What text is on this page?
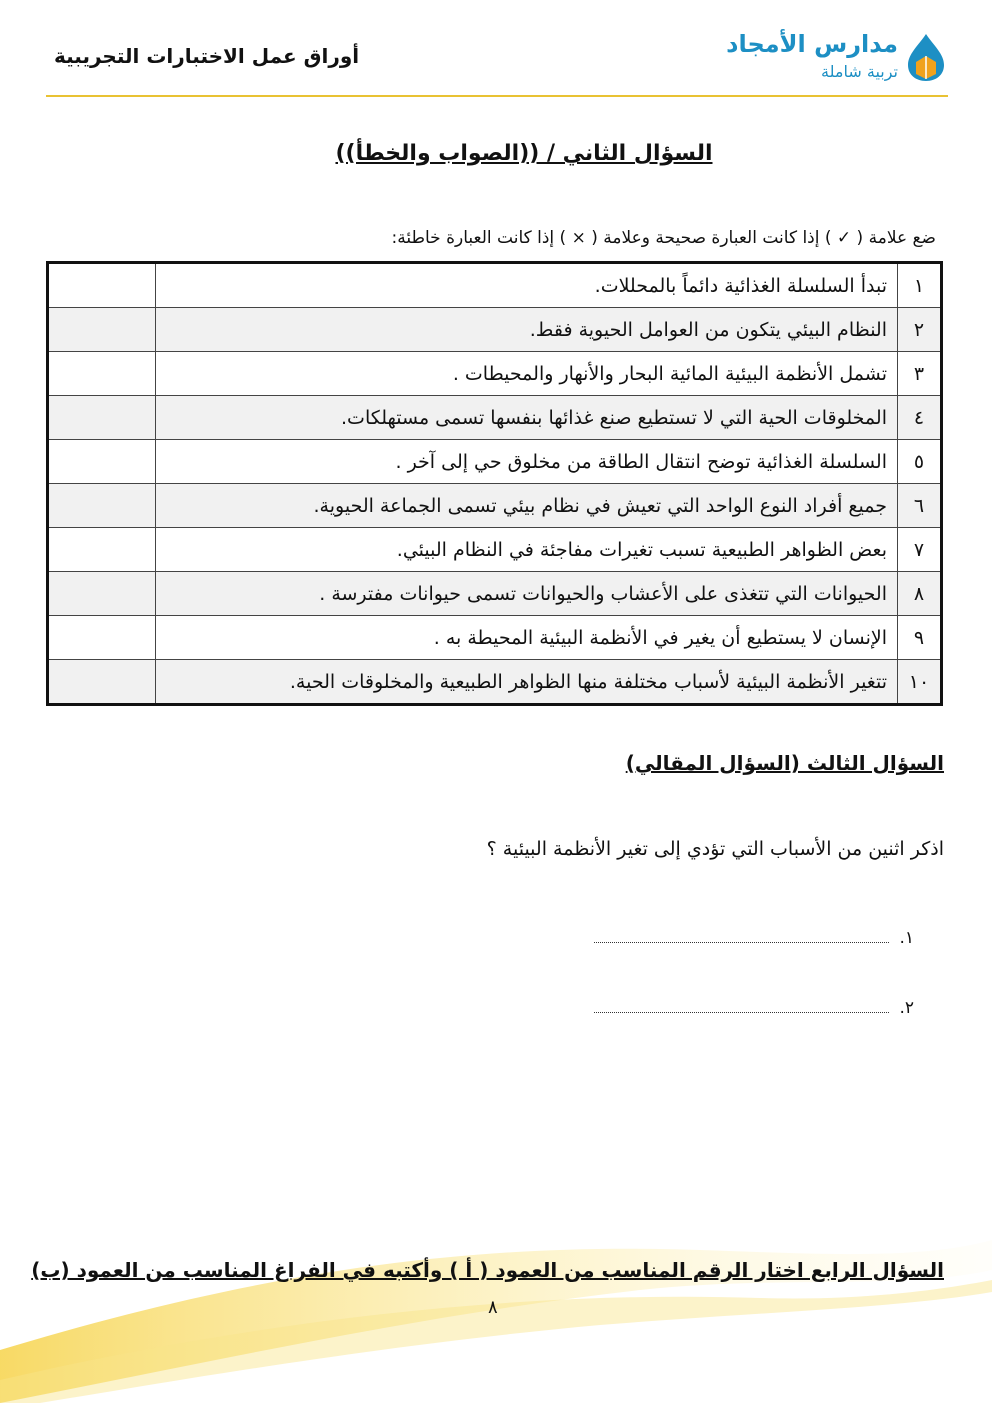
أوراق عمل الاختبارات التجريبية	مدارس الأمجاد
تربية شاملة
السؤال الثاني / ((الصواب والخطأ))
ضع علامة ( ✓ ) إذا كانت العبارة صحيحة وعلامة ( × ) إذا كانت العبارة خاطئة:
١	تبدأ السلسلة الغذائية دائماً بالمحللات.	
٢	النظام البيئي يتكون من العوامل الحيوية فقط.	
٣	تشمل الأنظمة البيئية المائية البحار والأنهار والمحيطات .	
٤	المخلوقات الحية التي لا تستطيع صنع غذائها بنفسها تسمى مستهلكات.	
٥	السلسلة الغذائية توضح انتقال الطاقة من مخلوق حي إلى آخر .	
٦	جميع أفراد النوع الواحد التي تعيش في نظام بيئي تسمى الجماعة الحيوية.	
٧	بعض الظواهر الطبيعية تسبب تغيرات مفاجئة في النظام البيئي.	
٨	الحيوانات التي تتغذى على الأعشاب والحيوانات تسمى حيوانات مفترسة .	
٩	الإنسان لا يستطيع أن يغير في الأنظمة البيئية المحيطة به .	
١٠	تتغير الأنظمة البيئية لأسباب مختلفة منها الظواهر الطبيعية والمخلوقات الحية.	
السؤال الثالث (السؤال المقالي)
اذكر اثنين من الأسباب التي تؤدي إلى تغير الأنظمة البيئية ؟
١.
٢.
السؤال الرابع اختار الرقم المناسب من العمود ( أ ) وأكتبه في الفراغ المناسب من العمود (ب)
٨
